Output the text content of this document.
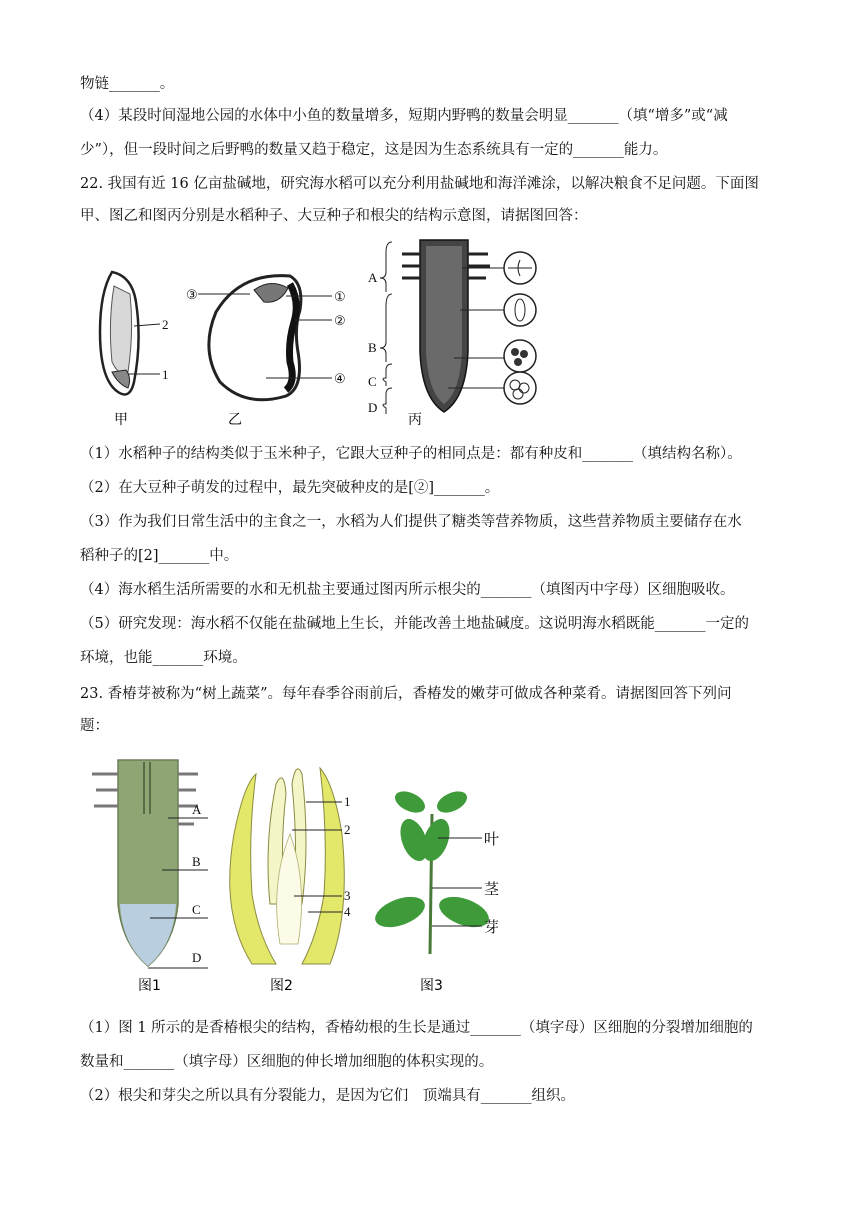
物链_______。
（4）某段时间湿地公园的水体中小鱼的数量增多，短期内野鸭的数量会明显_______（填“增多”或“减
少”），但一段时间之后野鸭的数量又趋于稳定，这是因为生态系统具有一定的_______能力。
22. 我国有近 16 亿亩盐碱地，研究海水稻可以充分利用盐碱地和海洋滩涂，以解决粮食不足问题。下面图
甲、图乙和图丙分别是水稻种子、大豆种子和根尖的结构示意图，请据图回答：
2
1
③	①
②
④
A
B
C
D
甲	乙	丙
（1）水稻种子的结构类似于玉米种子，它跟大豆种子的相同点是：都有种皮和_______（填结构名称）。
（2）在大豆种子萌发的过程中，最先突破种皮的是[②]_______。
（3）作为我们日常生活中的主食之一，水稻为人们提供了糖类等营养物质，这些营养物质主要储存在水
稻种子的[2]_______中。
（4）海水稻生活所需要的水和无机盐主要通过图丙所示根尖的_______（填图丙中字母）区细胞吸收。
（5）研究发现：海水稻不仅能在盐碱地上生长，并能改善土地盐碱度。这说明海水稻既能_______一定的
环境，也能_______环境。
23. 香椿芽被称为“树上蔬菜”。每年春季谷雨前后，香椿发的嫩芽可做成各种菜肴。请据图回答下列问
题：
A
B
C
D
1
2
3
4
叶
茎
芽
图1	图2	图3
（1）图 1 所示的是香椿根尖的结构，香椿幼根的生长是通过_______（填字母）区细胞的分裂增加细胞的
数量和_______（填字母）区细胞的伸长增加细胞的体积实现的。
（2）根尖和芽尖之所以具有分裂能力，是因为它们　顶端具有_______组织。
